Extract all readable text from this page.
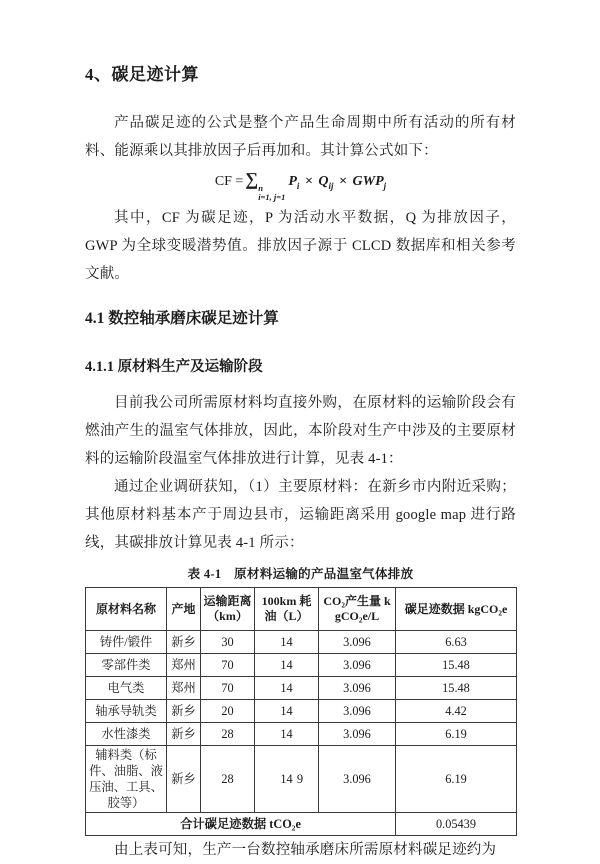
4、碳足迹计算

产品碳足迹的公式是整个产品生命周期中所有活动的所有材料、能源乘以其排放因子后再加和。其计算公式如下：

CF = ∑ n
i=1, j=1
$P_i \times Q_{ij} \times GWP_j$

其中，CF 为碳足迹，P 为活动水平数据，Q 为排放因子，GWP 为全球变暖潜势值。排放因子源于 CLCD 数据库和相关参考文献。

4.1 数控轴承磨床碳足迹计算
4.1.1 原材料生产及运输阶段

目前我公司所需原材料均直接外购，在原材料的运输阶段会有燃油产生的温室气体排放，因此，本阶段对生产中涉及的主要原材料的运输阶段温室气体排放进行计算，见表 4-1：

通过企业调研获知，（1）主要原材料：在新乡市内附近采购；其他原材料基本产于周边县市，运输距离采用 google map 进行路线，其碳排放计算见表 4-1 所示：

表 4-1　原材料运输的产品温室气体排放
原材料名称	产地	运输距离（km）	100km 耗油（L）	CO₂产生量 kgCO₂e/L	碳足迹数据 kgCO₂e
铸件/锻件	新乡	30	14	3.096	6.63
零部件类	郑州	70	14	3.096	15.48
电气类	郑州	70	14	3.096	15.48
轴承导轨类	新乡	20	14	3.096	4.42
水性漆类	新乡	28	14	3.096	6.19
辅料类（标件、油脂、液压油、工具、胶等）	新乡	28	14	3.096	6.19
合计碳足迹数据 tCO₂e					0.05439

由上表可知，生产一台数控轴承磨床所需原材料碳足迹约为

9
